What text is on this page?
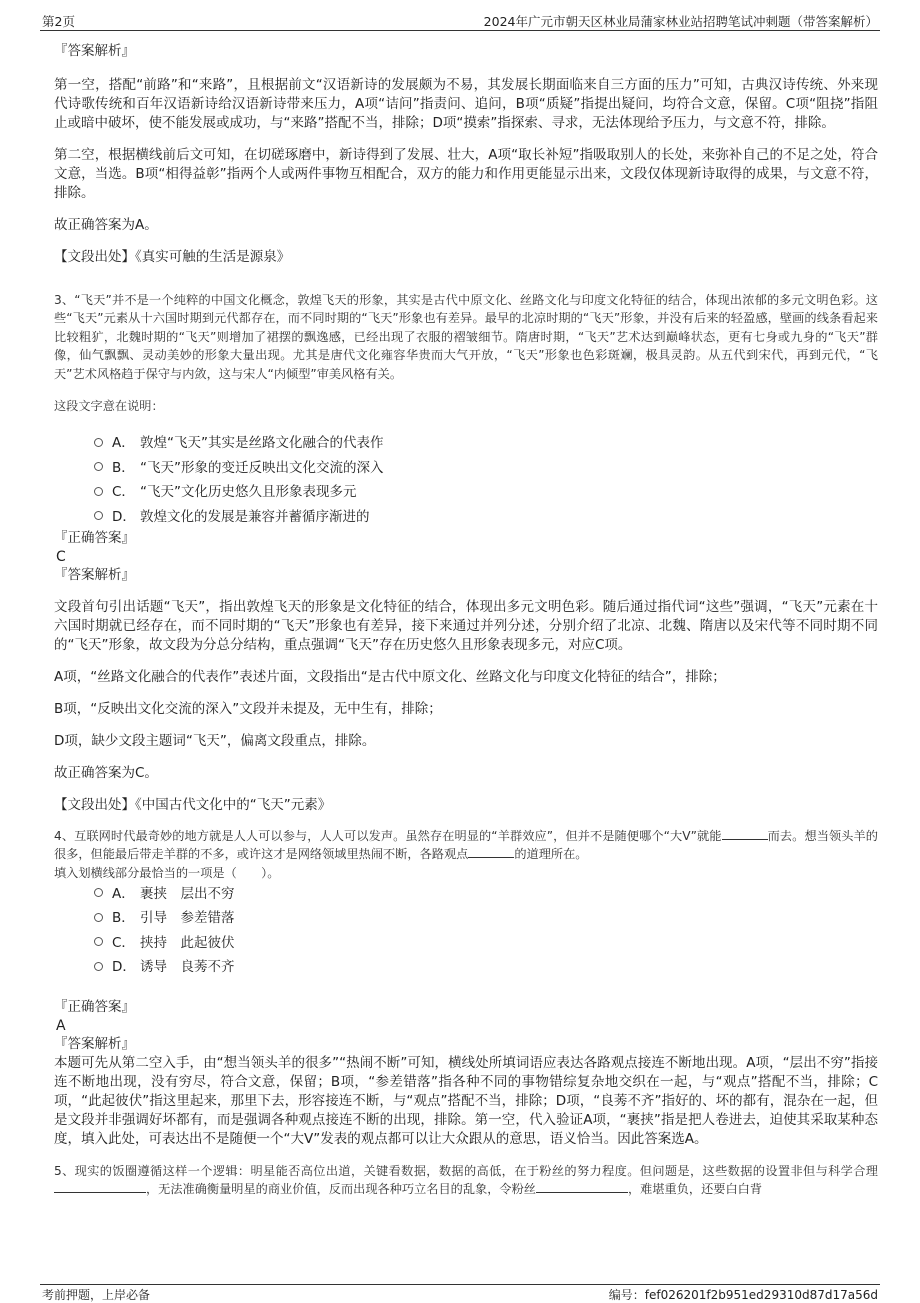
第2页	2024年广元市朝天区林业局蒲家林业站招聘笔试冲刺题（带答案解析）

『答案解析』

第一空，搭配“前路”和“来路”，且根据前文“汉语新诗的发展颇为不易，其发展长期面临来自三方面的压力”可知，古典汉诗传统、外来现代诗歌传统和百年汉语新诗给汉语新诗带来压力，A项“诘问”指责问、追问，B项“质疑”指提出疑问，均符合文意，保留。C项“阻挠”指阻止或暗中破坏，使不能发展或成功，与“来路”搭配不当，排除；D项“摸索”指探索、寻求，无法体现给予压力，与文意不符，排除。

第二空，根据横线前后文可知，在切磋琢磨中，新诗得到了发展、壮大，A项“取长补短”指吸取别人的长处，来弥补自己的不足之处，符合文意，当选。B项“相得益彰”指两个人或两件事物互相配合，双方的能力和作用更能显示出来，文段仅体现新诗取得的成果，与文意不符，排除。

故正确答案为A。

【文段出处】《真实可触的生活是源泉》

3、“飞天”并不是一个纯粹的中国文化概念，敦煌飞天的形象，其实是古代中原文化、丝路文化与印度文化特征的结合，体现出浓郁的多元文明色彩。这些“飞天”元素从十六国时期到元代都存在，而不同时期的“飞天”形象也有差异。最早的北凉时期的“飞天”形象，并没有后来的轻盈感，壁画的线条看起来比较粗犷，北魏时期的“飞天”则增加了裙摆的飘逸感，已经出现了衣服的褶皱细节。隋唐时期，“飞天”艺术达到巅峰状态，更有七身或九身的“飞天”群像，仙气飘飘、灵动美妙的形象大量出现。尤其是唐代文化雍容华贵而大气开放，“飞天”形象也色彩斑斓，极具灵韵。从五代到宋代，再到元代，“飞天”艺术风格趋于保守与内敛，这与宋人“内倾型”审美风格有关。

这段文字意在说明：

A． 敦煌“飞天”其实是丝路文化融合的代表作
B． “飞天”形象的变迁反映出文化交流的深入
C． “飞天”文化历史悠久且形象表现多元
D． 敦煌文化的发展是兼容并蓄循序渐进的

『正确答案』

C

『答案解析』

文段首句引出话题“飞天”，指出敦煌飞天的形象是文化特征的结合，体现出多元文明色彩。随后通过指代词“这些”强调，“飞天”元素在十六国时期就已经存在，而不同时期的“飞天”形象也有差异，接下来通过并列分述，分别介绍了北凉、北魏、隋唐以及宋代等不同时期不同的“飞天”形象，故文段为分总分结构，重点强调“飞天”存在历史悠久且形象表现多元，对应C项。

A项，“丝路文化融合的代表作”表述片面，文段指出“是古代中原文化、丝路文化与印度文化特征的结合”，排除；

B项，“反映出文化交流的深入”文段并未提及，无中生有，排除；

D项，缺少文段主题词“飞天”，偏离文段重点，排除。

故正确答案为C。

【文段出处】《中国古代文化中的“飞天”元素》

4、互联网时代最奇妙的地方就是人人可以参与，人人可以发声。虽然存在明显的“羊群效应”，但并不是随便哪个“大V”就能	而去。想当领头羊的很多，但能最后带走羊群的不多，或许这才是网络领域里热闹不断，各路观点	的道理所在。

填入划横线部分最恰当的一项是（　　）。

A． 裹挟　层出不穷
B． 引导　参差错落
C． 挟持　此起彼伏
D． 诱导　良莠不齐

『正确答案』

A

『答案解析』

本题可先从第二空入手，由“想当领头羊的很多”“热闹不断”可知，横线处所填词语应表达各路观点接连不断地出现。A项，“层出不穷”指接连不断地出现，没有穷尽，符合文意，保留；B项，“参差错落”指各种不同的事物错综复杂地交织在一起，与“观点”搭配不当，排除；C项，“此起彼伏”指这里起来，那里下去，形容接连不断，与“观点”搭配不当，排除；D项，“良莠不齐”指好的、坏的都有，混杂在一起，但是文段并非强调好坏都有，而是强调各种观点接连不断的出现，排除。第一空，代入验证A项，“裹挟”指是把人卷进去，迫使其采取某种态度，填入此处，可表达出不是随便一个“大V”发表的观点都可以让大众跟从的意思，语义恰当。因此答案选A。

5、现实的饭圈遵循这样一个逻辑：明星能否高位出道，关键看数据，数据的高低，在于粉丝的努力程度。但问题是，这些数据的设置非但与科学合理，无法准确衡量明星的商业价值，反而出现各种巧立名目的乱象，令粉丝	，难堪重负，还要白白背

考前押题，上岸必备	编号：fef026201f2b951ed29310d87d17a56d
